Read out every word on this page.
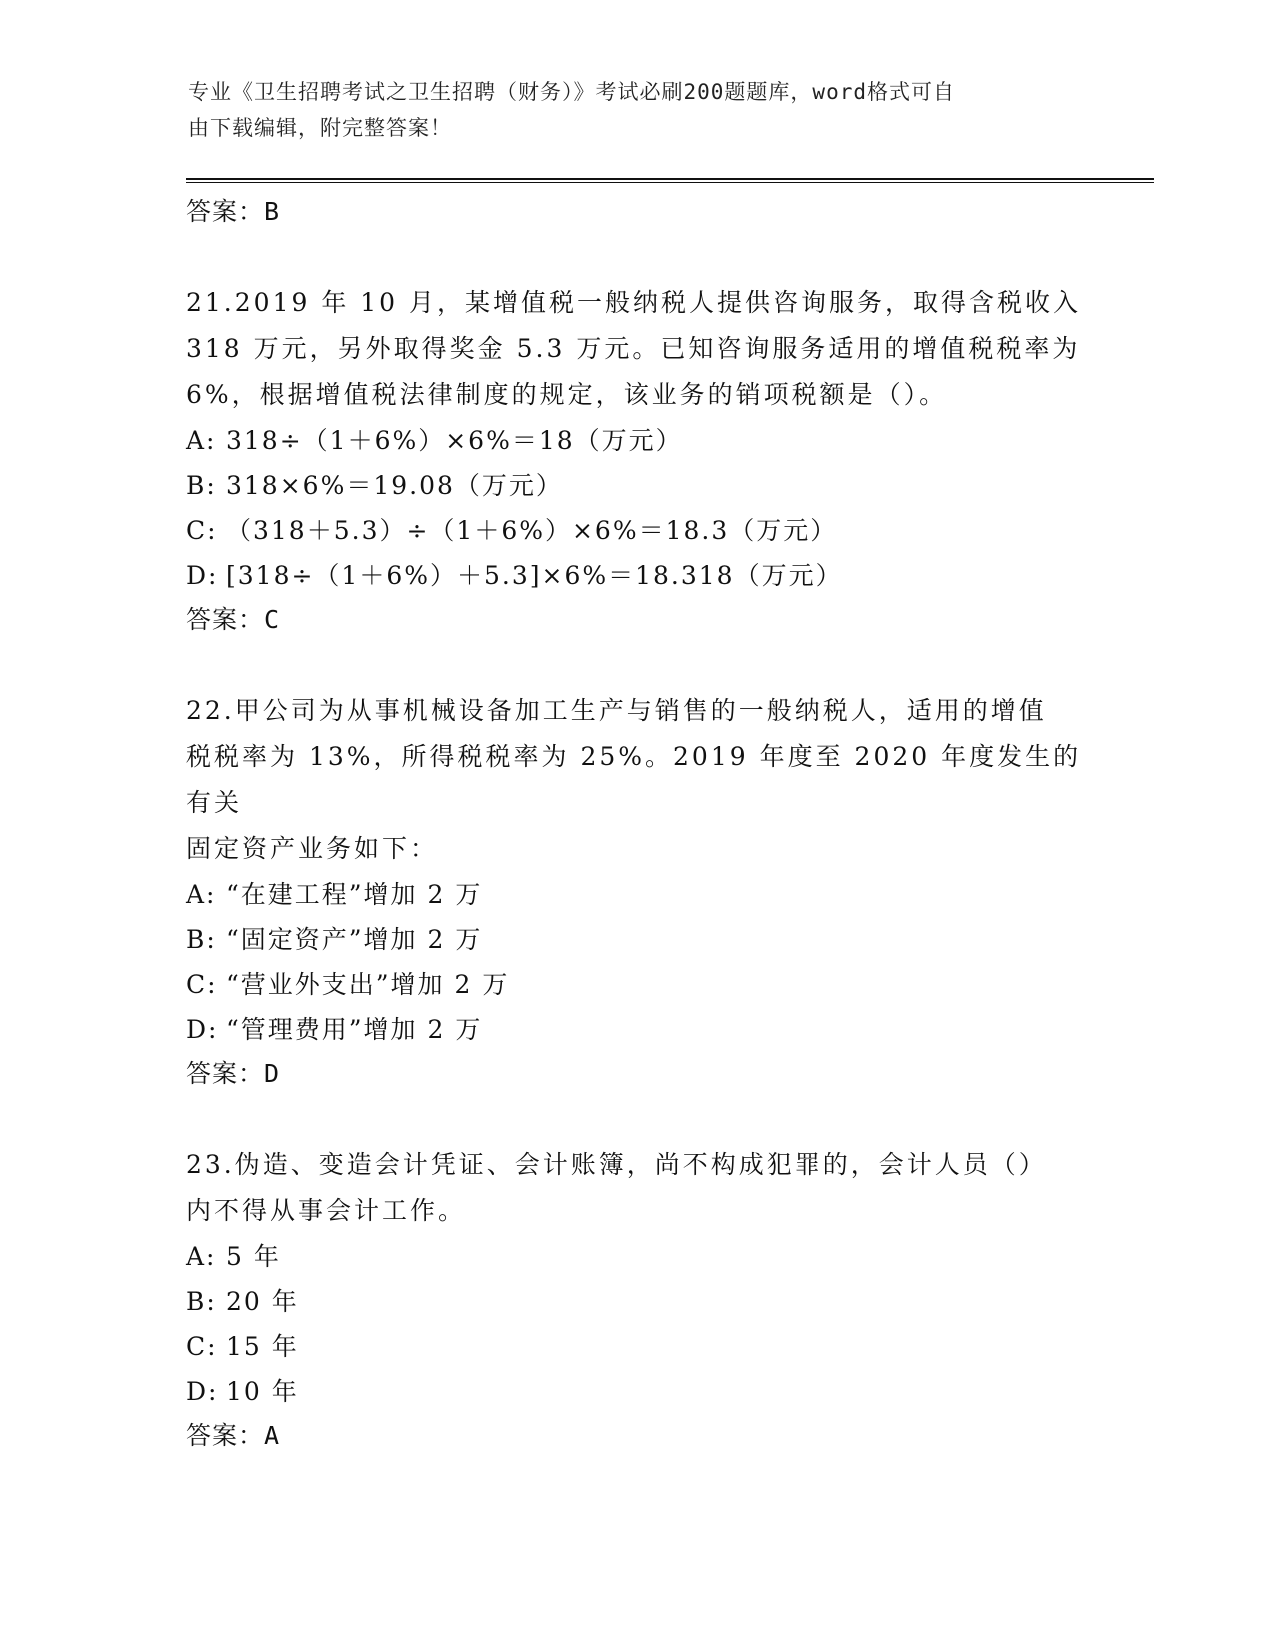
专业《卫生招聘考试之卫生招聘（财务）》考试必刷200题题库，word格式可自
由下载编辑，附完整答案！
答案：B

21.2019 年 10 月，某增值税一般纳税人提供咨询服务，取得含税收入
318 万元，另外取得奖金 5.3 万元。已知咨询服务适用的增值税税率为
6%，根据增值税法律制度的规定，该业务的销项税额是（）。

A: 318÷（1＋6%）×6%＝18（万元）
B: 318×6%＝19.08（万元）
C: （318＋5.3）÷（1＋6%）×6%＝18.3（万元）
D: [318÷（1＋6%）＋5.3]×6%＝18.318（万元）
答案：C

22.甲公司为从事机械设备加工生产与销售的一般纳税人，适用的增值
税税率为 13%，所得税税率为 25%。2019 年度至 2020 年度发生的有关
固定资产业务如下：

A: “在建工程”增加 2 万
B: “固定资产”增加 2 万
C: “营业外支出”增加 2 万
D: “管理费用”增加 2 万
答案：D

23.伪造、变造会计凭证、会计账簿，尚不构成犯罪的，会计人员（）
内不得从事会计工作。

A: 5 年
B: 20 年
C: 15 年
D: 10 年
答案：A
